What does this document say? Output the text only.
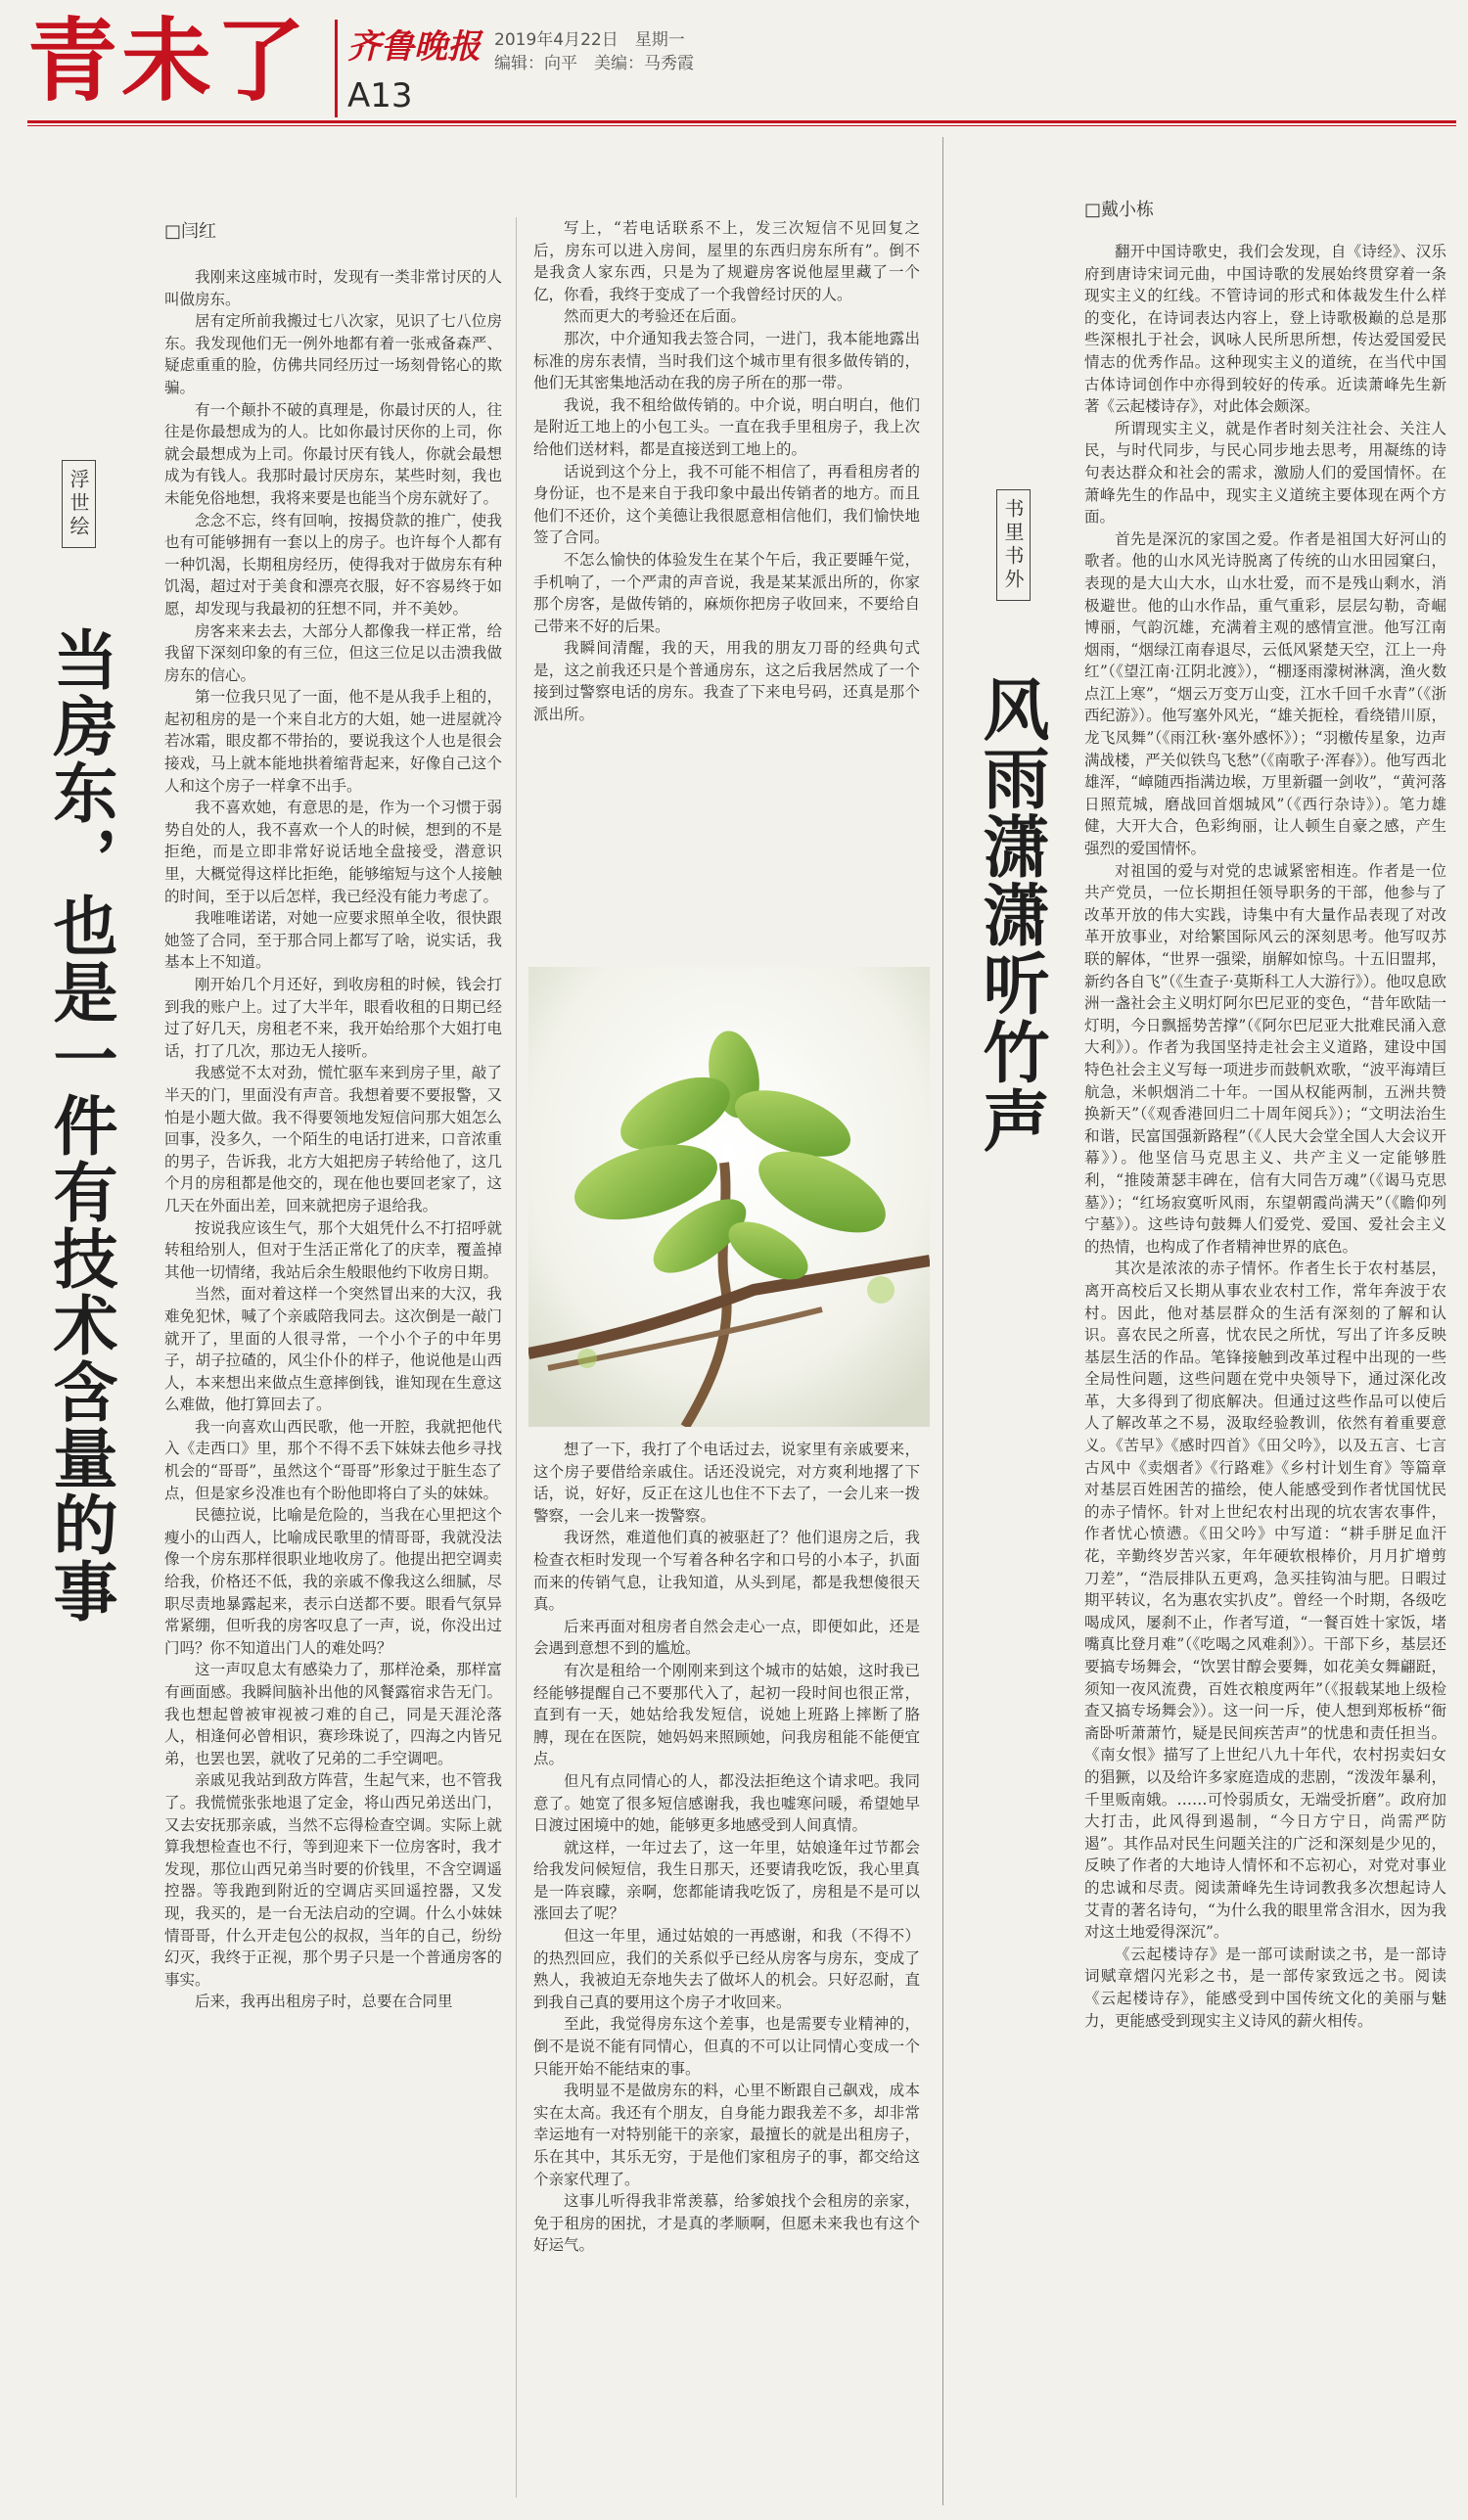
青未了 齐鲁晚报
A13
2019年4月22日　星期一
编辑：向平　美编：马秀霞
浮世绘
当房东，也是一件有技术含量的事
□闫红

我刚来这座城市时，发现有一类非常讨厌的人叫做房东。

居有定所前我搬过七八次家，见识了七八位房东。我发现他们无一例外地都有着一张戒备森严、疑虑重重的脸，仿佛共同经历过一场刻骨铭心的欺骗。

有一个颠扑不破的真理是，你最讨厌的人，往往是你最想成为的人。比如你最讨厌你的上司，你就会最想成为上司。你最讨厌有钱人，你就会最想成为有钱人。我那时最讨厌房东，某些时刻，我也未能免俗地想，我将来要是也能当个房东就好了。

念念不忘，终有回响，按揭贷款的推广，使我也有可能够拥有一套以上的房子。也许每个人都有一种饥渴，长期租房经历，使得我对于做房东有种饥渴，超过对于美食和漂亮衣服，好不容易终于如愿，却发现与我最初的狂想不同，并不美妙。

房客来来去去，大部分人都像我一样正常，给我留下深刻印象的有三位，但这三位足以击溃我做房东的信心。

第一位我只见了一面，他不是从我手上租的，起初租房的是一个来自北方的大姐，她一进屋就冷若冰霜，眼皮都不带抬的，要说我这个人也是很会接戏，马上就本能地拱着缩背起来，好像自己这个人和这个房子一样拿不出手。

我不喜欢她，有意思的是，作为一个习惯于弱势自处的人，我不喜欢一个人的时候，想到的不是拒绝，而是立即非常好说话地全盘接受，潜意识里，大概觉得这样比拒绝，能够缩短与这个人接触的时间，至于以后怎样，我已经没有能力考虑了。

我唯唯诺诺，对她一应要求照单全收，很快跟她签了合同，至于那合同上都写了啥，说实话，我基本上不知道。

刚开始几个月还好，到收房租的时候，钱会打到我的账户上。过了大半年，眼看收租的日期已经过了好几天，房租老不来，我开始给那个大姐打电话，打了几次，那边无人接听。

我感觉不太对劲，慌忙驱车来到房子里，敲了半天的门，里面没有声音。我想着要不要报警，又怕是小题大做。我不得要领地发短信问那大姐怎么回事，没多久，一个陌生的电话打进来，口音浓重的男子，告诉我，北方大姐把房子转给他了，这几个月的房租都是他交的，现在他也要回老家了，这几天在外面出差，回来就把房子退给我。

按说我应该生气，那个大姐凭什么不打招呼就转租给别人，但对于生活正常化了的庆幸，覆盖掉其他一切情绪，我站后余生般眼他约下收房日期。

当然，面对着这样一个突然冒出来的大汉，我难免犯怵，喊了个亲戚陪我同去。这次倒是一敲门就开了，里面的人很寻常，一个小个子的中年男子，胡子拉碴的，风尘仆仆的样子，他说他是山西人，本来想出来做点生意摔倒钱，谁知现在生意这么难做，他打算回去了。

我一向喜欢山西民歌，他一开腔，我就把他代入《走西口》里，那个不得不丢下妹妹去他乡寻找机会的“哥哥”，虽然这个“哥哥”形象过于脏生态了点，但是家乡没准也有个盼他即将白了头的妹妹。

民德拉说，比喻是危险的，当我在心里把这个瘦小的山西人，比喻成民歌里的情哥哥，我就没法像一个房东那样很职业地收房了。他提出把空调卖给我，价格还不低，我的亲戚不像我这么细腻，尽职尽责地暴露起来，表示白送都不要。眼看气氛异常紧绷，但听我的房客叹息了一声，说，你没出过门吗？你不知道出门人的难处吗？

这一声叹息太有感染力了，那样沧桑，那样富有画面感。我瞬间脑补出他的风餐露宿求告无门。我也想起曾被审视被刁难的自己，同是天涯沦落人，相逢何必曾相识，赛珍珠说了，四海之内皆兄弟，也罢也罢，就收了兄弟的二手空调吧。

亲戚见我站到敌方阵营，生起气来，也不管我了。我慌慌张张地退了定金，将山西兄弟送出门，又去安抚那亲戚，当然不忘得检查空调。实际上就算我想检查也不行，等到迎来下一位房客时，我才发现，那位山西兄弟当时要的价钱里，不含空调遥控器。等我跑到附近的空调店买回遥控器，又发现，我买的，是一台无法启动的空调。什么小妹妹情哥哥，什么开走包公的叔叔，当年的自己，纷纷幻灭，我终于正视，那个男子只是一个普通房客的事实。

后来，我再出租房子时，总要在合同里

写上，“若电话联系不上，发三次短信不见回复之后，房东可以进入房间，屋里的东西归房东所有”。倒不是我贪人家东西，只是为了规避房客说他屋里藏了一个亿，你看，我终于变成了一个我曾经讨厌的人。

然而更大的考验还在后面。

那次，中介通知我去签合同，一进门，我本能地露出标准的房东表情，当时我们这个城市里有很多做传销的，他们无其密集地活动在我的房子所在的那一带。

我说，我不租给做传销的。中介说，明白明白，他们是附近工地上的小包工头。一直在我手里租房子，我上次给他们送材料，都是直接送到工地上的。

话说到这个分上，我不可能不相信了，再看租房者的身份证，也不是来自于我印象中最出传销者的地方。而且他们不还价，这个美德让我很愿意相信他们，我们愉快地签了合同。

不怎么愉快的体验发生在某个午后，我正要睡午觉，手机响了，一个严肃的声音说，我是某某派出所的，你家那个房客，是做传销的，麻烦你把房子收回来，不要给自己带来不好的后果。

我瞬间清醒，我的天，用我的朋友刀哥的经典句式是，这之前我还只是个普通房东，这之后我居然成了一个接到过警察电话的房东。我查了下来电号码，还真是那个派出所。

想了一下，我打了个电话过去，说家里有亲戚要来，这个房子要借给亲戚住。话还没说完，对方爽利地撂了下话，说，好好，反正在这儿也住不下去了，一会儿来一拨警察，一会儿来一拨警察。

我讶然，难道他们真的被驱赶了？他们退房之后，我检查衣柜时发现一个写着各种名字和口号的小本子，扒面而来的传销气息，让我知道，从头到尾，都是我想傻很天真。

后来再面对租房者自然会走心一点，即便如此，还是会遇到意想不到的尴尬。

有次是租给一个刚刚来到这个城市的姑娘，这时我已经能够提醒自己不要那代入了，起初一段时间也很正常，直到有一天，她姑给我发短信，说她上班路上摔断了胳膊，现在在医院，她妈妈来照顾她，问我房租能不能便宜点。

但凡有点同情心的人，都没法拒绝这个请求吧。我同意了。她宽了很多短信感谢我，我也嘘寒问暖，希望她早日渡过困境中的她，能够更多地感受到人间真情。

就这样，一年过去了，这一年里，姑娘逢年过节都会给我发问候短信，我生日那天，还要请我吃饭，我心里真是一阵哀矇，亲啊，您都能请我吃饭了，房租是不是可以涨回去了呢？

但这一年里，通过姑娘的一再感谢，和我（不得不）的热烈回应，我们的关系似乎已经从房客与房东，变成了熟人，我被迫无奈地失去了做坏人的机会。只好忍耐，直到我自己真的要用这个房子才收回来。

至此，我觉得房东这个差事，也是需要专业精神的，倒不是说不能有同情心，但真的不可以让同情心变成一个只能开始不能结束的事。

我明显不是做房东的料，心里不断跟自己飙戏，成本实在太高。我还有个朋友，自身能力跟我差不多，却非常幸运地有一对特别能干的亲家，最擅长的就是出租房子，乐在其中，其乐无穷，于是他们家租房子的事，都交给这个亲家代理了。

这事儿听得我非常羡慕，给爹娘找个会租房的亲家，免于租房的困扰，才是真的孝顺啊，但愿未来我也有这个好运气。

书里书外
风雨潇潇听竹声
□戴小栋

翻开中国诗歌史，我们会发现，自《诗经》、汉乐府到唐诗宋词元曲，中国诗歌的发展始终贯穿着一条现实主义的红线。不管诗词的形式和体裁发生什么样的变化，在诗词表达内容上，登上诗歌极巅的总是那些深根扎于社会，讽咏人民所思所想，传达爱国爱民情志的优秀作品。这种现实主义的道统，在当代中国古体诗词创作中亦得到较好的传承。近读萧峰先生新著《云起楼诗存》，对此体会颇深。

所谓现实主义，就是作者时刻关注社会、关注人民，与时代同步，与民心同步地去思考，用凝练的诗句表达群众和社会的需求，激励人们的爱国情怀。在萧峰先生的作品中，现实主义道统主要体现在两个方面。

首先是深沉的家国之爱。作者是祖国大好河山的歌者。他的山水风光诗脱离了传统的山水田园窠臼，表现的是大山大水，山水壮爱，而不是残山剩水，消极避世。他的山水作品，重气重彩，层层勾勒，奇崛博丽，气韵沉雄，充满着主观的感情宣泄。他写江南烟雨，“烟绿江南春退尽，云低风紧楚天空，江上一舟红”（《望江南·江阴北渡》），“棚逐雨濛树淋漓，渔火数点江上寒”，“烟云万变万山变，江水千回千水青”（《浙西纪游》）。他写塞外风光，“雄关扼栓，看绕错川原，龙飞凤舞”（《雨江秋·塞外感怀》）；“羽檄传星象，边声满战楼，严关似铁鸟飞愁”（《南歌子·浑春》）。他写西北雄浑，“嶂随西指满边堠，万里新疆一剑收”，“黄河落日照荒城，磨战回首烟城风”（《西行杂诗》）。笔力雄健，大开大合，色彩绚丽，让人顿生自豪之感，产生强烈的爱国情怀。

对祖国的爱与对党的忠诚紧密相连。作者是一位共产党员，一位长期担任领导职务的干部，他参与了改革开放的伟大实践，诗集中有大量作品表现了对改革开放事业，对给繁国际风云的深刻思考。他写叹苏联的解体，“世界一强梁，崩解如惊鸟。十五旧盟邦，新约各自飞”（《生查子·莫斯科工人大游行》）。他叹息欧洲一盏社会主义明灯阿尔巴尼亚的变色，“昔年欧陆一灯明，今日飘摇势苦撑”（《阿尔巴尼亚大批难民涌入意大利》）。作者为我国坚持走社会主义道路，建设中国特色社会主义写每一项进步而鼓帆欢歌，“波平海靖巨航急，米帜烟消二十年。一国从权能两制，五洲共赞换新天”（《观香港回归二十周年阅兵》）；“文明法治生和谐，民富国强新路程”（《人民大会堂全国人大会议开幕》）。他坚信马克思主义、共产主义一定能够胜利，“推陵萧瑟丰碑在，信有大同告万魂”（《谒马克思墓》）；“红场寂寞听风雨，东望朝霞尚满天”（《瞻仰列宁墓》）。这些诗句鼓舞人们爱党、爱国、爱社会主义的热情，也构成了作者精神世界的底色。

其次是浓浓的赤子情怀。作者生长于农村基层，离开高校后又长期从事农业农村工作，常年奔波于农村。因此，他对基层群众的生活有深刻的了解和认识。喜农民之所喜，忧农民之所忧，写出了许多反映基层生活的作品。笔锋接触到改革过程中出现的一些全局性问题，这些问题在党中央领导下，通过深化改革，大多得到了彻底解决。但通过这些作品可以使后人了解改革之不易，汲取经验教训，依然有着重要意义。《苦早》《感时四首》《田父吟》，以及五言、七言古风中《卖烟者》《行路难》《乡村计划生育》等篇章对基层百姓困苦的描绘，使人能感受到作者忧国忧民的赤子情怀。针对上世纪农村出现的坑农害农事件，作者忧心愤懑。《田父吟》中写道：“耕手胼足血汗花，辛勤终岁苦兴家，年年硬软根棒价，月月扩增剪刀差”，“浩辰排队五更鸡，急买挂钩油与肥。日暇过期平转议，名为惠农实扒皮”。曾经一个时期，各级吃喝成风，屡刹不止，作者写道，“一餐百姓十家饭，堵嘴真比登月难”（《吃喝之风难刹》）。干部下乡，基层还要搞专场舞会，“饮罢甘醇会要舞，如花美女舞翩跹，须知一夜风流费，百姓衣粮度两年”（《报载某地上级检查又搞专场舞会》）。这一问一斥，使人想到郑板桥“衙斋卧听萧萧竹，疑是民间疾苦声”的忧患和责任担当。《南女恨》描写了上世纪八九十年代，农村拐卖妇女的猖獗，以及给许多家庭造成的悲剧，“泼泼年暴利，千里贩南娥。……可怜弱质女，无端受折磨”。政府加大打击，此风得到遏制，“今日方宁日，尚需严防遏”。其作品对民生问题关注的广泛和深刻是少见的，反映了作者的大地诗人情怀和不忘初心，对党对事业的忠诚和尽责。阅读萧峰先生诗词教我多次想起诗人艾青的著名诗句，“为什么我的眼里常含泪水，因为我对这土地爱得深沉”。

《云起楼诗存》是一部可读耐读之书，是一部诗词赋章熠闪光彩之书，是一部传家致远之书。阅读《云起楼诗存》，能感受到中国传统文化的美丽与魅力，更能感受到现实主义诗风的薪火相传。
